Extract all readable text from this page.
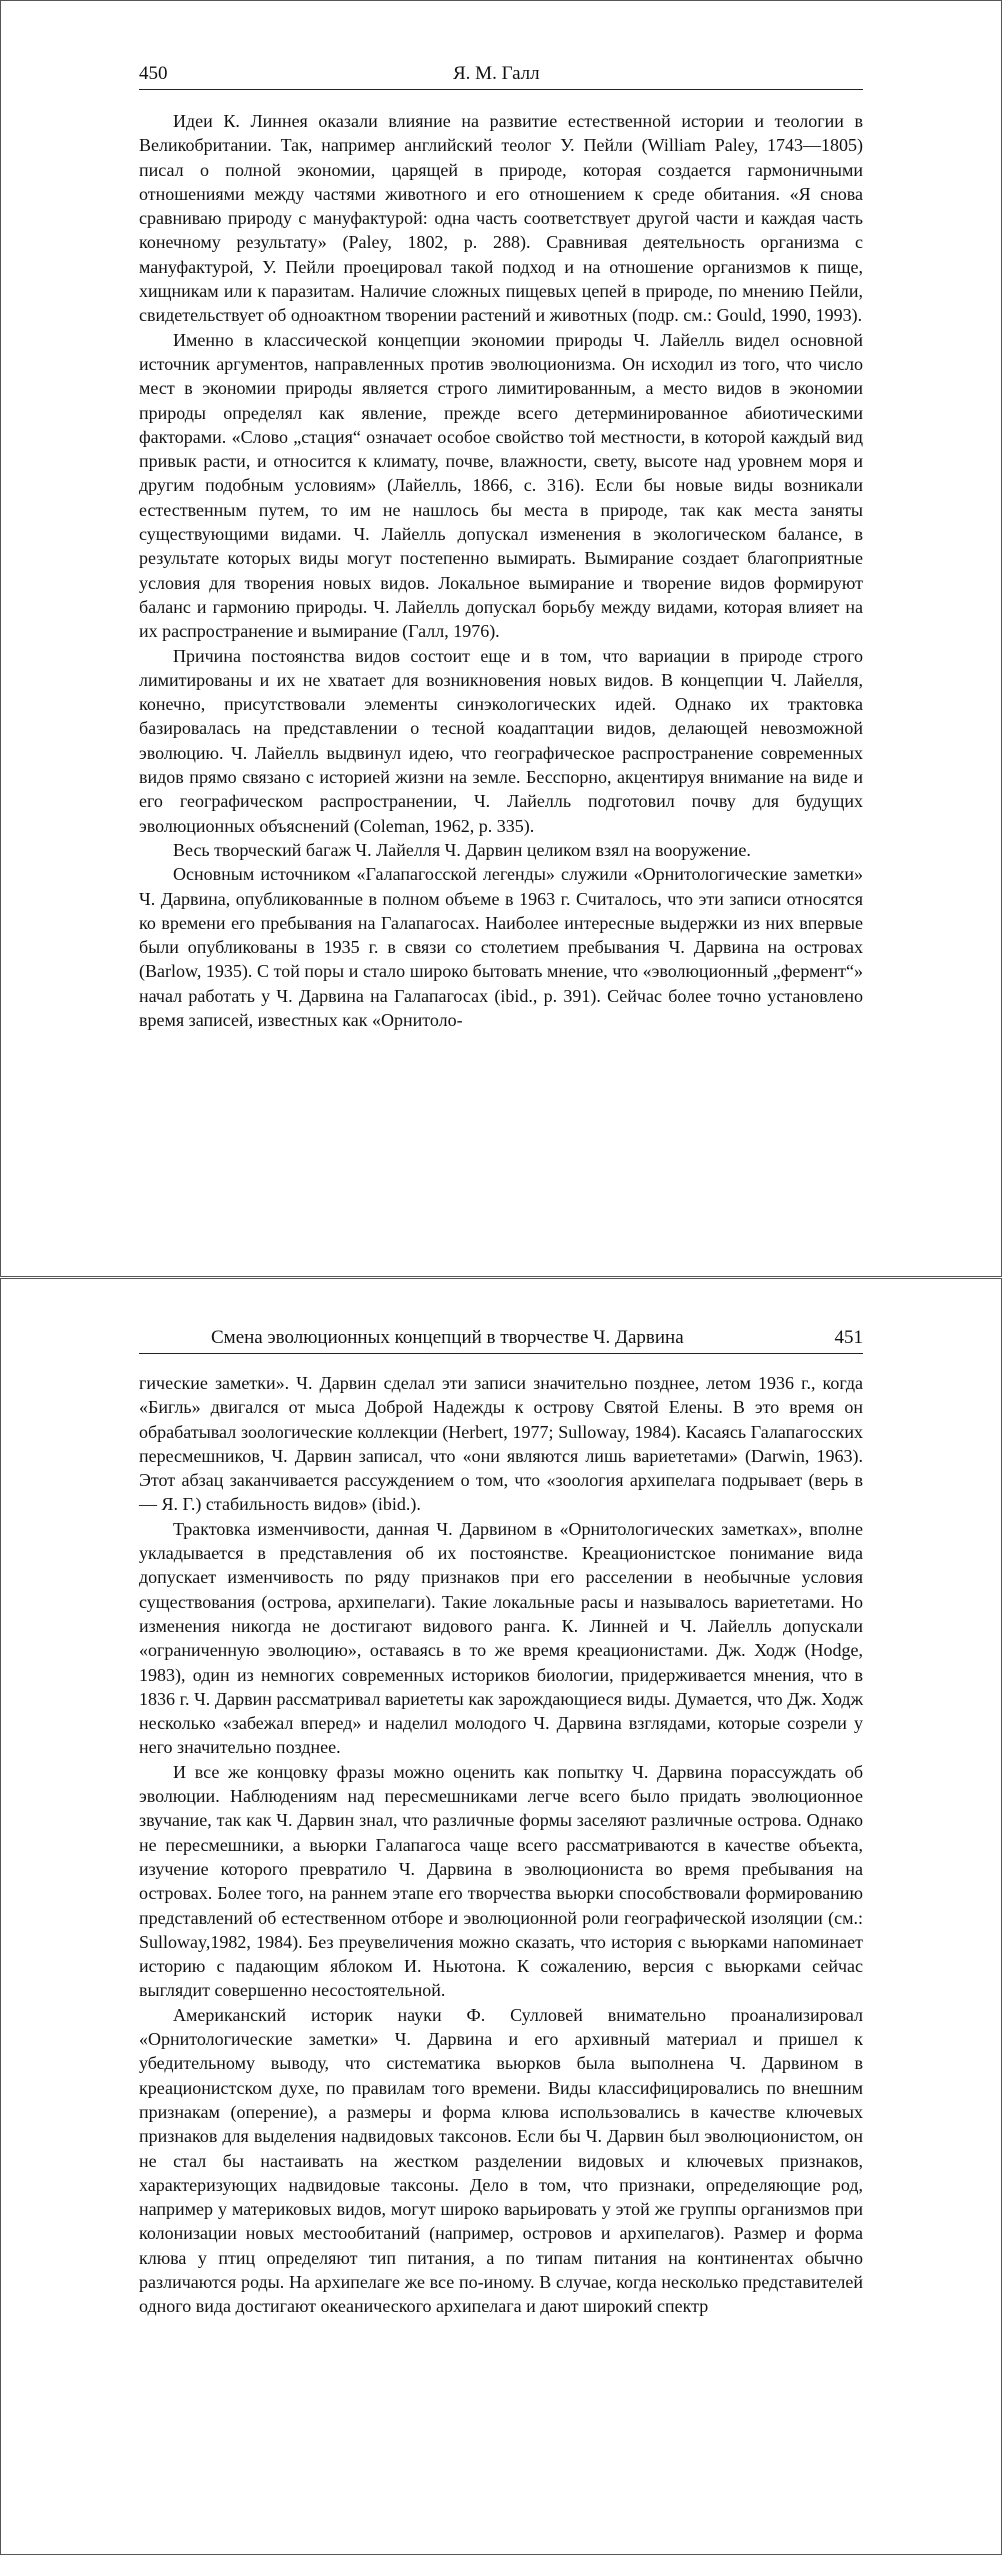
450	Я. М. Галл

Идеи К. Линнея оказали влияние на развитие естественной истории и теологии в Великобритании. Так, например английский теолог У. Пейли (William Paley, 1743—1805) писал о полной экономии, царящей в природе, которая создается гармоничными отношениями между частями животного и его отношением к среде обитания. «Я снова сравниваю природу с мануфактурой: одна часть соответствует другой части и каждая часть конечному результату» (Paley, 1802, p. 288). Сравнивая деятельность организма с мануфактурой, У. Пейли проецировал такой подход и на отношение организмов к пище, хищникам или к паразитам. Наличие сложных пищевых цепей в природе, по мнению Пейли, свидетельствует об одноактном творении растений и животных (подр. см.: Gould, 1990, 1993).

Именно в классической концепции экономии природы Ч. Лайелль видел основной источник аргументов, направленных против эволюционизма. Он исходил из того, что число мест в экономии природы является строго лимитированным, а место видов в экономии природы определял как явление, прежде всего детерминированное абиотическими факторами. «Слово „стация“ означает особое свойство той местности, в которой каждый вид привык расти, и относится к климату, почве, влажности, свету, высоте над уровнем моря и другим подобным условиям» (Лайелль, 1866, с. 316). Если бы новые виды возникали естественным путем, то им не нашлось бы места в природе, так как места заняты существующими видами. Ч. Лайелль допускал изменения в экологическом балансе, в результате которых виды могут постепенно вымирать. Вымирание создает благоприятные условия для творения новых видов. Локальное вымирание и творение видов формируют баланс и гармонию природы. Ч. Лайелль допускал борьбу между видами, которая влияет на их распространение и вымирание (Галл, 1976).

Причина постоянства видов состоит еще и в том, что вариации в природе строго лимитированы и их не хватает для возникновения новых видов. В концепции Ч. Лайелля, конечно, присутствовали элементы синэкологических идей. Однако их трактовка базировалась на представлении о тесной коадаптации видов, делающей невозможной эволюцию. Ч. Лайелль выдвинул идею, что географическое распространение современных видов прямо связано с историей жизни на земле. Бесспорно, акцентируя внимание на виде и его географическом распространении, Ч. Лайелль подготовил почву для будущих эволюционных объяснений (Coleman, 1962, p. 335).

Весь творческий багаж Ч. Лайелля Ч. Дарвин целиком взял на вооружение.

Основным источником «Галапагосской легенды» служили «Орнитологические заметки» Ч. Дарвина, опубликованные в полном объеме в 1963 г. Считалось, что эти записи относятся ко времени его пребывания на Галапагосах. Наиболее интересные выдержки из них впервые были опубликованы в 1935 г. в связи со столетием пребывания Ч. Дарвина на островах (Barlow, 1935). С той поры и стало широко бытовать мнение, что «эволюционный „фермент“» начал работать у Ч. Дарвина на Галапагосах (ibid., p. 391). Сейчас более точно установлено время записей, известных как «Орнитоло-

Смена эволюционных концепций в творчестве Ч. Дарвина	451

гические заметки». Ч. Дарвин сделал эти записи значительно позднее, летом 1936 г., когда «Бигль» двигался от мыса Доброй Надежды к острову Святой Елены. В это время он обрабатывал зоологические коллекции (Herbert, 1977; Sulloway, 1984). Касаясь Галапагосских пересмешников, Ч. Дарвин записал, что «они являются лишь вариететами» (Darwin, 1963). Этот абзац заканчивается рассуждением о том, что «зоология архипелага подрывает (верь в — Я. Г.) стабильность видов» (ibid.).

Трактовка изменчивости, данная Ч. Дарвином в «Орнитологических заметках», вполне укладывается в представления об их постоянстве. Креационистское понимание вида допускает изменчивость по ряду признаков при его расселении в необычные условия существования (острова, архипелаги). Такие локальные расы и называлось вариететами. Но изменения никогда не достигают видового ранга. К. Линней и Ч. Лайелль допускали «ограниченную эволюцию», оставаясь в то же время креационистами. Дж. Ходж (Hodge, 1983), один из немногих современных историков биологии, придерживается мнения, что в 1836 г. Ч. Дарвин рассматривал вариететы как зарождающиеся виды. Думается, что Дж. Ходж несколько «забежал вперед» и наделил молодого Ч. Дарвина взглядами, которые созрели у него значительно позднее.

И все же концовку фразы можно оценить как попытку Ч. Дарвина порассуждать об эволюции. Наблюдениям над пересмешниками легче всего было придать эволюционное звучание, так как Ч. Дарвин знал, что различные формы заселяют различные острова. Однако не пересмешники, а вьюрки Галапагоса чаще всего рассматриваются в качестве объекта, изучение которого превратило Ч. Дарвина в эволюциониста во время пребывания на островах. Более того, на раннем этапе его творчества вьюрки способствовали формированию представлений об естественном отборе и эволюционной роли географической изоляции (см.: Sulloway,1982, 1984). Без преувеличения можно сказать, что история с вьюрками напоминает историю с падающим яблоком И. Ньютона. К сожалению, версия с вьюрками сейчас выглядит совершенно несостоятельной.

Американский историк науки Ф. Сулловей внимательно проанализировал «Орнитологические заметки» Ч. Дарвина и его архивный материал и пришел к убедительному выводу, что систематика вьюрков была выполнена Ч. Дарвином в креационистском духе, по правилам того времени. Виды классифицировались по внешним признакам (оперение), а размеры и форма клюва использовались в качестве ключевых признаков для выделения надвидовых таксонов. Если бы Ч. Дарвин был эволюционистом, он не стал бы настаивать на жестком разделении видовых и ключевых признаков, характеризующих надвидовые таксоны. Дело в том, что признаки, определяющие род, например у материковых видов, могут широко варьировать у этой же группы организмов при колонизации новых местообитаний (например, островов и архипелагов). Размер и форма клюва у птиц определяют тип питания, а по типам питания на континентах обычно различаются роды. На архипелаге же все по-иному. В случае, когда несколько представителей одного вида достигают океанического архипелага и дают широкий спектр
